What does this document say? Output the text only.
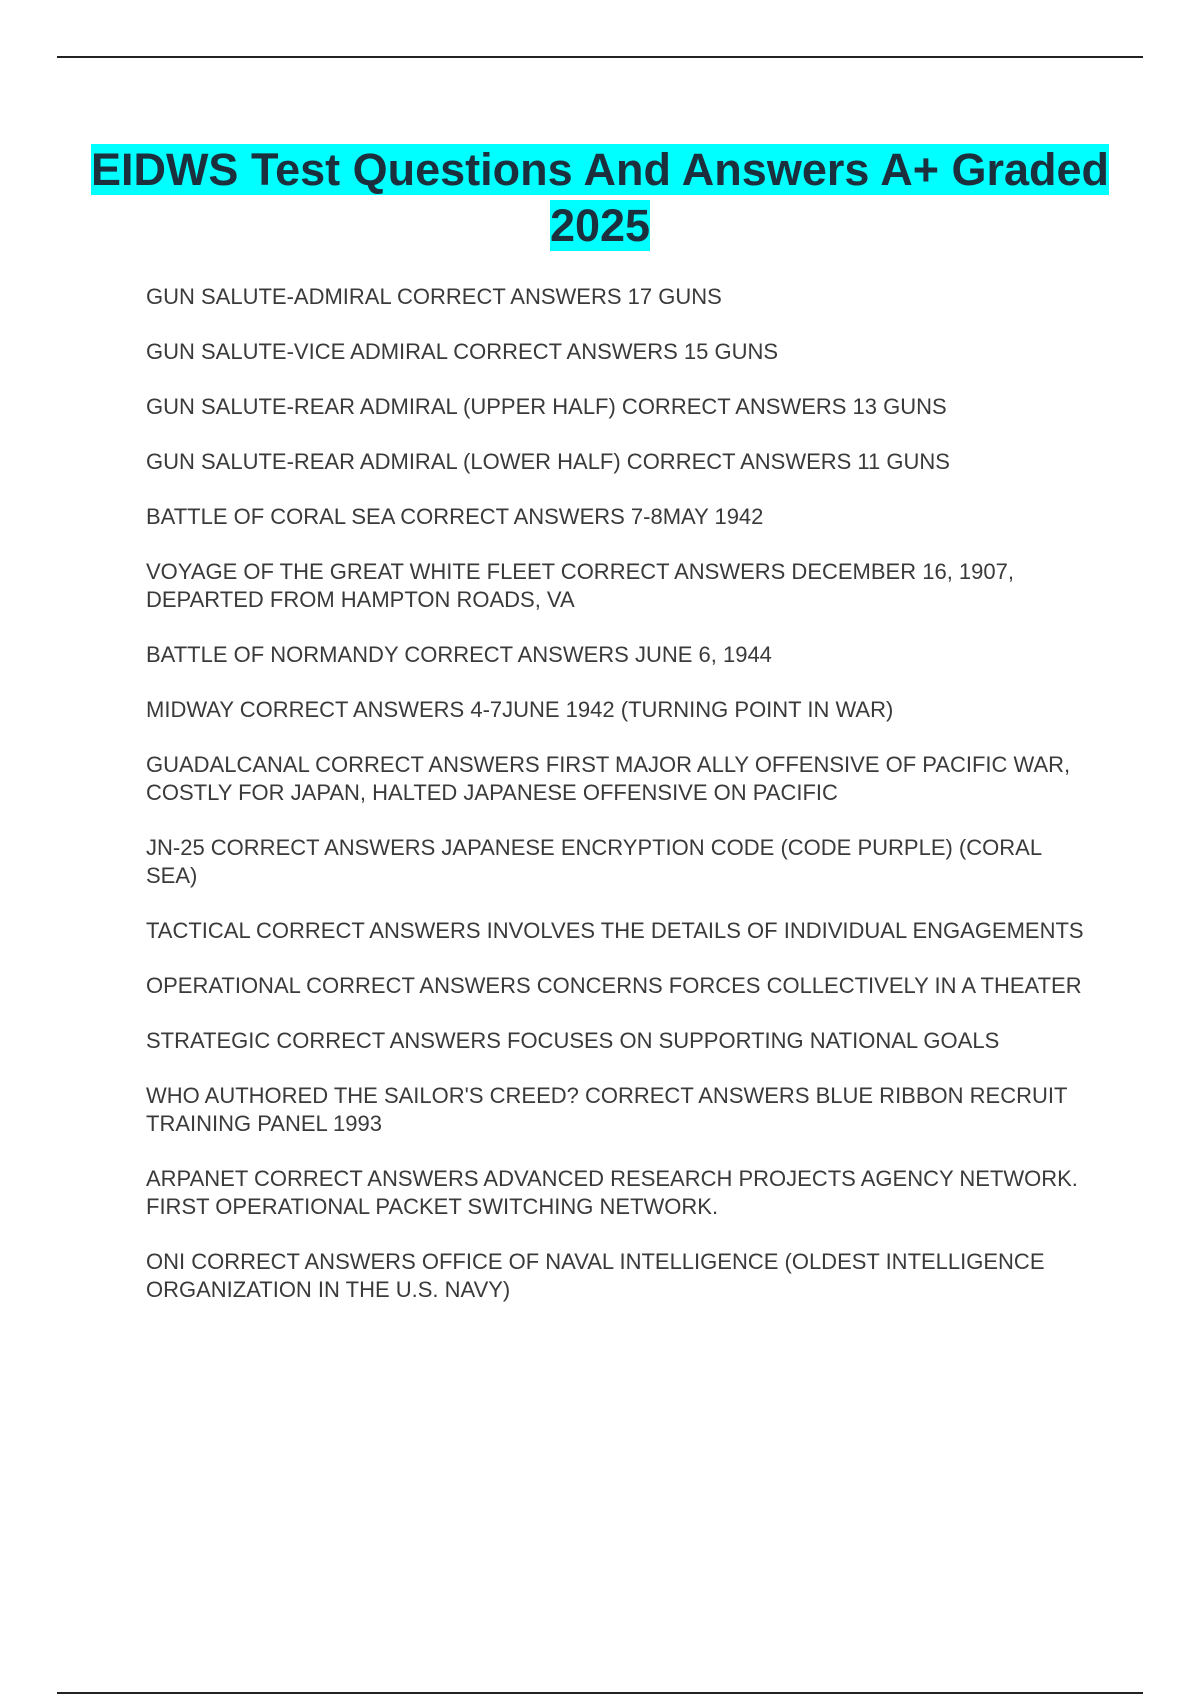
EIDWS Test Questions And Answers A+ Graded 2025
GUN SALUTE-ADMIRAL CORRECT ANSWERS 17 GUNS
GUN SALUTE-VICE ADMIRAL CORRECT ANSWERS 15 GUNS
GUN SALUTE-REAR ADMIRAL (UPPER HALF) CORRECT ANSWERS 13 GUNS
GUN SALUTE-REAR ADMIRAL (LOWER HALF) CORRECT ANSWERS 11 GUNS
BATTLE OF CORAL SEA CORRECT ANSWERS 7-8MAY 1942
VOYAGE OF THE GREAT WHITE FLEET CORRECT ANSWERS DECEMBER 16, 1907, DEPARTED FROM HAMPTON ROADS, VA
BATTLE OF NORMANDY CORRECT ANSWERS JUNE 6, 1944
MIDWAY CORRECT ANSWERS 4-7JUNE 1942 (TURNING POINT IN WAR)
GUADALCANAL CORRECT ANSWERS FIRST MAJOR ALLY OFFENSIVE OF PACIFIC WAR, COSTLY FOR JAPAN, HALTED JAPANESE OFFENSIVE ON PACIFIC
JN-25 CORRECT ANSWERS JAPANESE ENCRYPTION CODE (CODE PURPLE) (CORAL SEA)
TACTICAL CORRECT ANSWERS INVOLVES THE DETAILS OF INDIVIDUAL ENGAGEMENTS
OPERATIONAL CORRECT ANSWERS CONCERNS FORCES COLLECTIVELY IN A THEATER
STRATEGIC CORRECT ANSWERS FOCUSES ON SUPPORTING NATIONAL GOALS
WHO AUTHORED THE SAILOR'S CREED? CORRECT ANSWERS BLUE RIBBON RECRUIT TRAINING PANEL 1993
ARPANET CORRECT ANSWERS ADVANCED RESEARCH PROJECTS AGENCY NETWORK. FIRST OPERATIONAL PACKET SWITCHING NETWORK.
ONI CORRECT ANSWERS OFFICE OF NAVAL INTELLIGENCE (OLDEST INTELLIGENCE ORGANIZATION IN THE U.S. NAVY)
